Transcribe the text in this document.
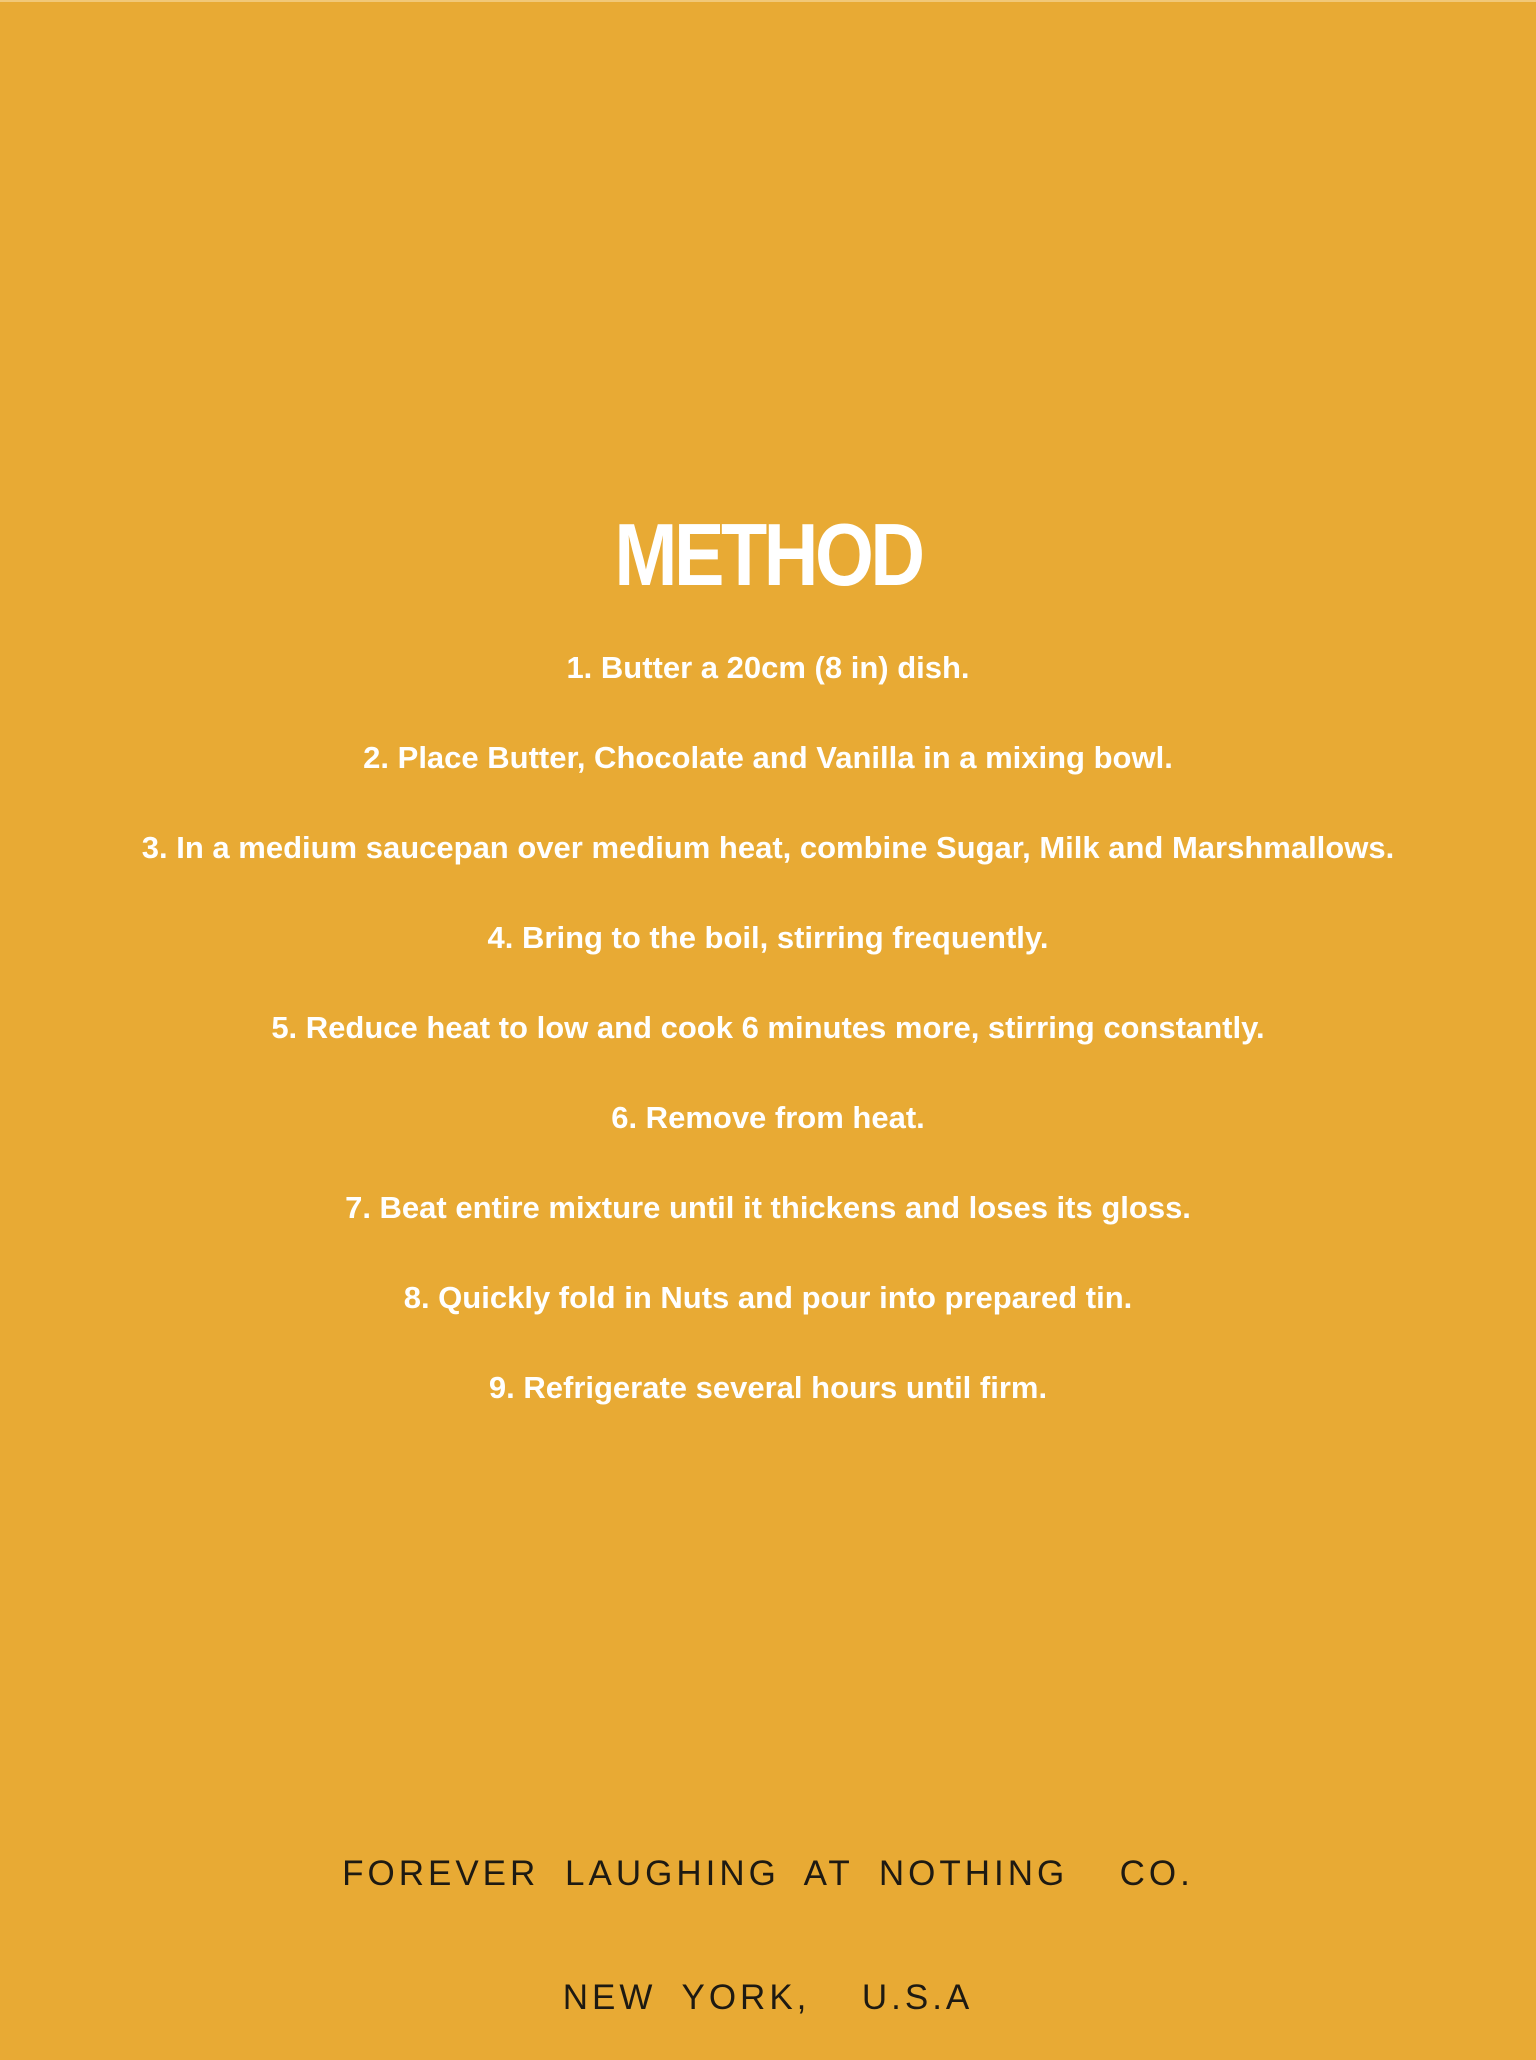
METHOD
1. Butter a 20cm (8 in) dish.
2. Place Butter, Chocolate and Vanilla in a mixing bowl.
3. In a medium saucepan over medium heat, combine Sugar, Milk and Marshmallows.
4. Bring to the boil, stirring frequently.
5. Reduce heat to low and cook 6 minutes more, stirring constantly.
6. Remove from heat.
7. Beat entire mixture until it thickens and loses its gloss.
8. Quickly fold in Nuts and pour into prepared tin.
9. Refrigerate several hours until firm.

FOREVER LAUGHING AT NOTHING  CO.

NEW YORK,  U.S.A
